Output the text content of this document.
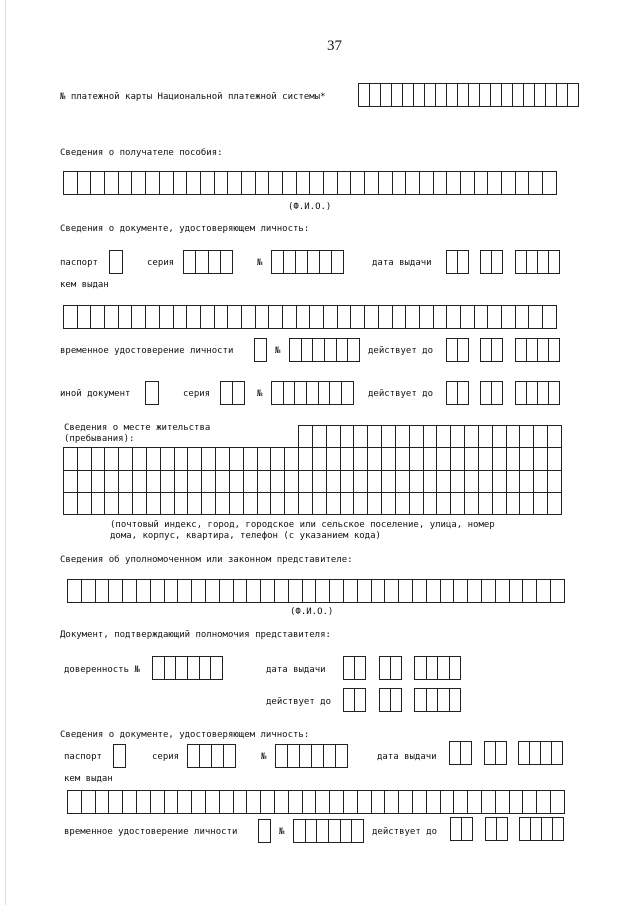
37
№ платежной карты Национальной платежной системы*
Сведения о получателе пособия:
(Ф.И.О.)
Сведения о документе, удостоверяющем личность:
паспорт	серия	№	дата выдачи
кем выдан
временное удостоверение личности	№	действует до
иной документ	серия	№	действует до
Сведения о месте жительства
(пребывания):

(почтовый индекс, город, городское или сельское поселение, улица, номер
дома, корпус, квартира, телефон (с указанием кода)
Сведения об уполномоченном или законном представителе:
(Ф.И.О.)
Документ, подтверждающий полномочия представителя:
доверенность №	дата выдачи
действует до
Сведения о документе, удостоверяющем личность:
паспорт	серия	№	дата выдачи
кем выдан
временное удостоверение личности	№	действует до
